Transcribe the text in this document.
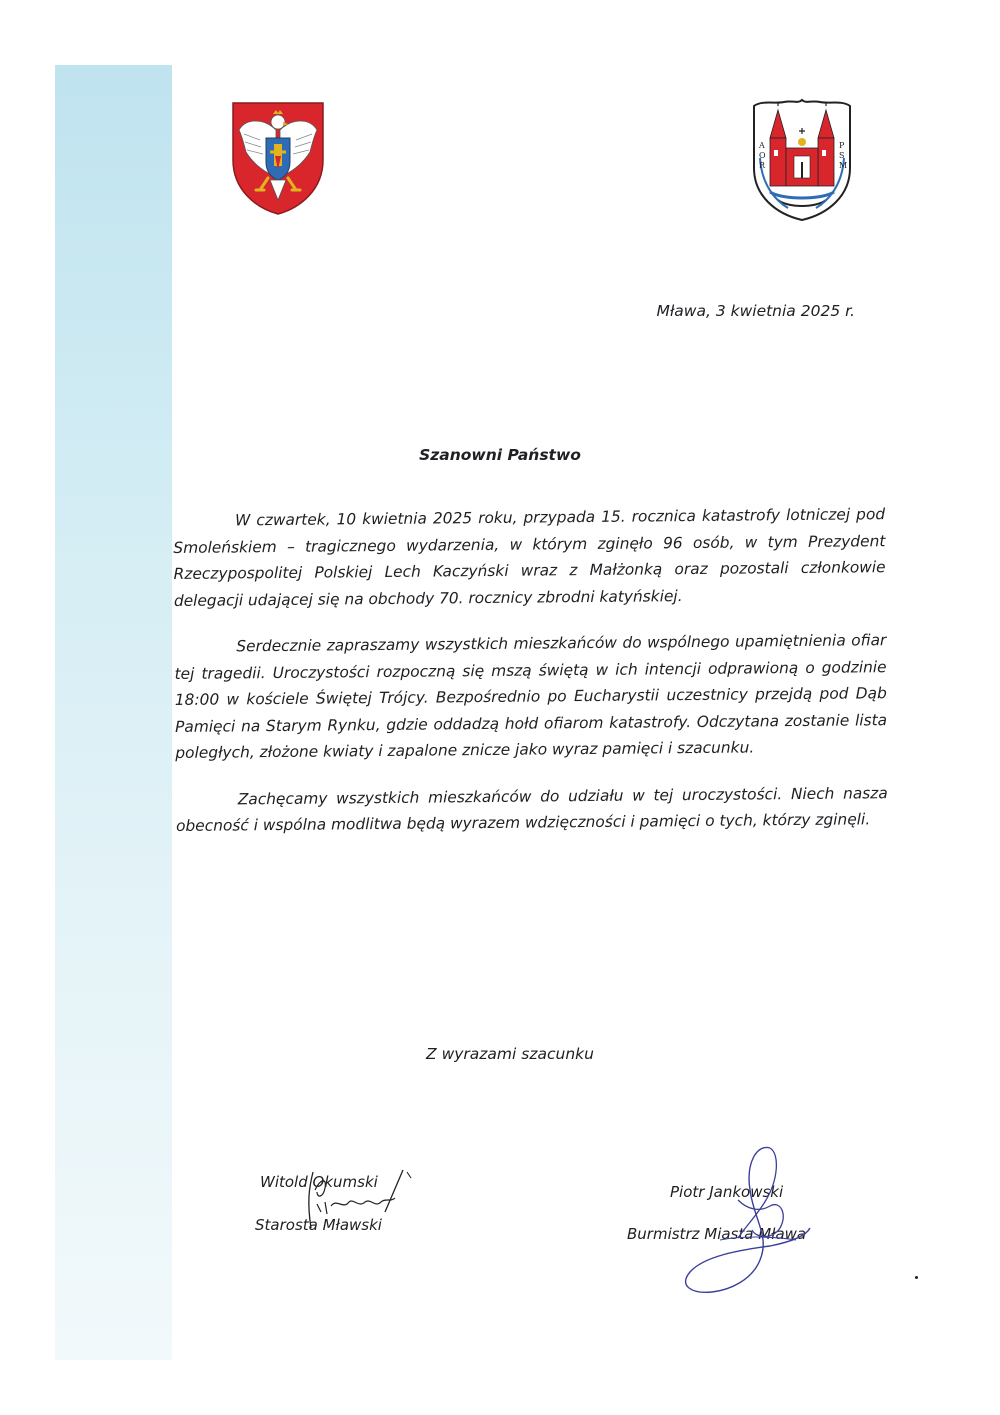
A
O
R
P
S
M
Mława, 3 kwietnia 2025 r.
Szanowni Państwo

W czwartek, 10 kwietnia 2025 roku, przypada 15. rocznica katastrofy lotniczej pod Smoleńskiem – tragicznego wydarzenia, w którym zginęło 96 osób, w tym Prezydent Rzeczypospolitej Polskiej Lech Kaczyński wraz z Małżonką oraz pozostali członkowie delegacji udającej się na obchody 70. rocznicy zbrodni katyńskiej.

Serdecznie zapraszamy wszystkich mieszkańców do wspólnego upamiętnienia ofiar tej tragedii. Uroczystości rozpoczną się mszą świętą w ich intencji odprawioną o godzinie 18:00 w kościele Świętej Trójcy. Bezpośrednio po Eucharystii uczestnicy przejdą pod Dąb Pamięci na Starym Rynku, gdzie oddadzą hołd ofiarom katastrofy. Odczytana zostanie lista poległych, złożone kwiaty i zapalone znicze jako wyraz pamięci i szacunku.

Zachęcamy wszystkich mieszkańców do udziału w tej uroczystości. Niech nasza obecność i wspólna modlitwa będą wyrazem wdzięczności i pamięci o tych, którzy zginęli.

Z wyrazami szacunku
Witold Okumski
Starosta Mławski
Piotr Jankowski
Burmistrz Miasta Mława
